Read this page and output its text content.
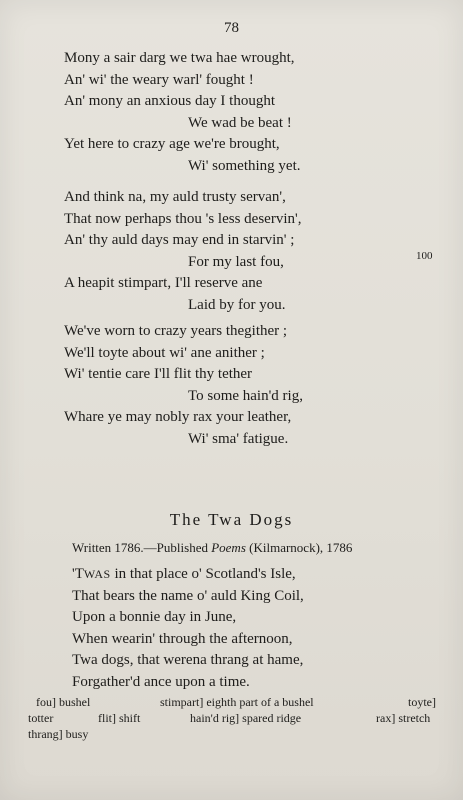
78
Mony a sair darg we twa hae wrought,
An' wi' the weary warl' fought !
An' mony an anxious day I thought
We wad be beat !
Yet here to crazy age we're brought,
Wi' something yet.
And think na, my auld trusty servan',
That now perhaps thou 's less deservin',
An' thy auld days may end in starvin' ;
For my last fou,
A heapit stimpart, I'll reserve ane
Laid by for you.
100
We've worn to crazy years thegither ;
We'll toyte about wi' ane anither ;
Wi' tentie care I'll flit thy tether
To some hain'd rig,
Whare ye may nobly rax your leather,
Wi' sma' fatigue.
The Twa Dogs
Written 1786.—Published Poems (Kilmarnock), 1786
'TWAS in that place o' Scotland's Isle,
That bears the name o' auld King Coil,
Upon a bonnie day in June,
When wearin' through the afternoon,
Twa dogs, that werena thrang at hame,
Forgather'd ance upon a time.
fou] bushel	stimpart] eighth part of a bushel	toyte]
totter	flit] shift	hain'd rig] spared ridge	rax] stretch
thrang] busy
